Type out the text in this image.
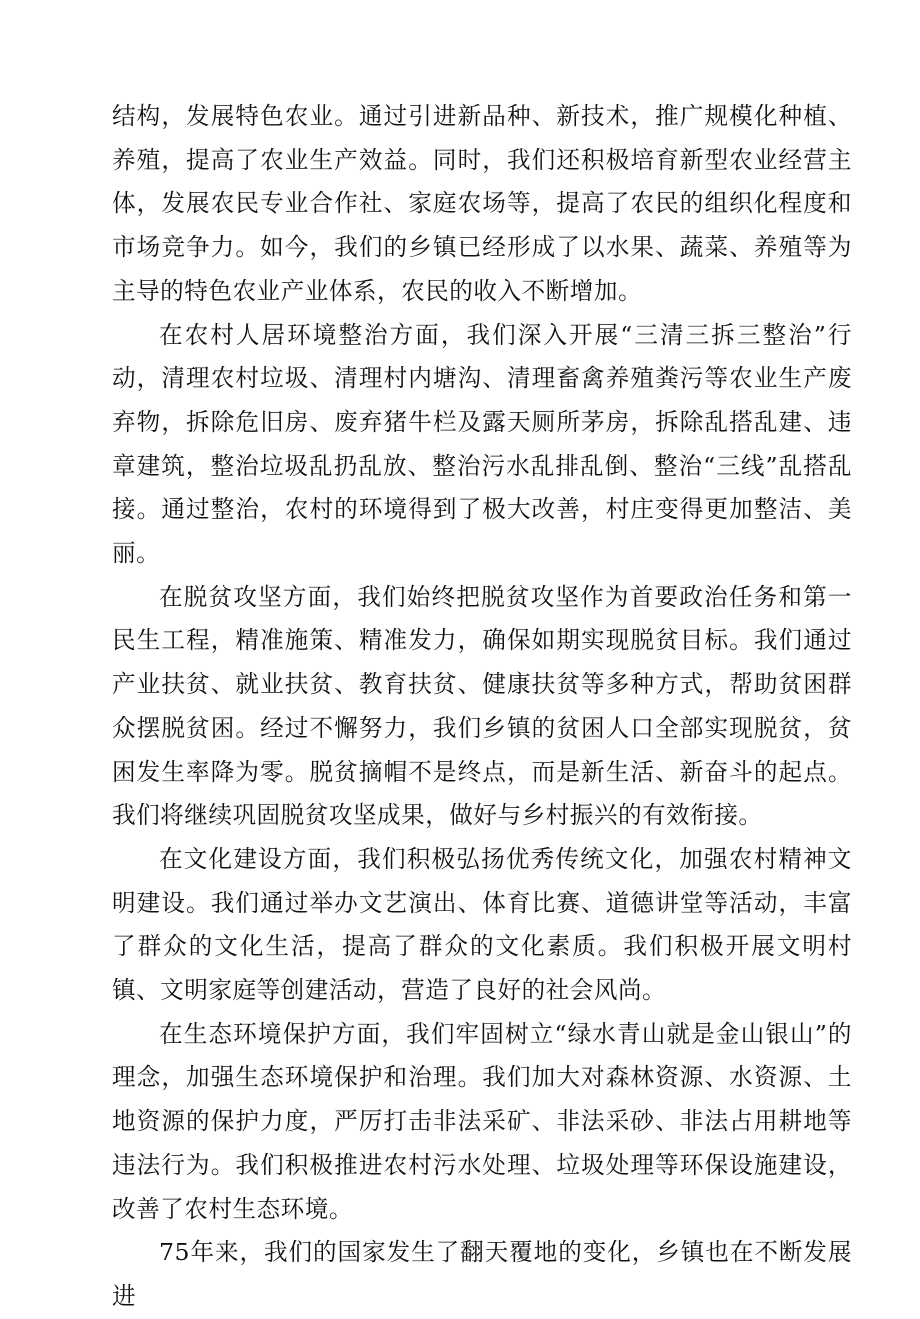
结构，发展特色农业。通过引进新品种、新技术，推广规模化种植、养殖，提高了农业生产效益。同时，我们还积极培育新型农业经营主体，发展农民专业合作社、家庭农场等，提高了农民的组织化程度和市场竞争力。如今，我们的乡镇已经形成了以水果、蔬菜、养殖等为主导的特色农业产业体系，农民的收入不断增加。

在农村人居环境整治方面，我们深入开展“三清三拆三整治”行动，清理农村垃圾、清理村内塘沟、清理畜禽养殖粪污等农业生产废弃物，拆除危旧房、废弃猪牛栏及露天厕所茅房，拆除乱搭乱建、违章建筑，整治垃圾乱扔乱放、整治污水乱排乱倒、整治“三线”乱搭乱接。通过整治，农村的环境得到了极大改善，村庄变得更加整洁、美丽。

在脱贫攻坚方面，我们始终把脱贫攻坚作为首要政治任务和第一民生工程，精准施策、精准发力，确保如期实现脱贫目标。我们通过产业扶贫、就业扶贫、教育扶贫、健康扶贫等多种方式，帮助贫困群众摆脱贫困。经过不懈努力，我们乡镇的贫困人口全部实现脱贫，贫困发生率降为零。脱贫摘帽不是终点，而是新生活、新奋斗的起点。我们将继续巩固脱贫攻坚成果，做好与乡村振兴的有效衔接。

在文化建设方面，我们积极弘扬优秀传统文化，加强农村精神文明建设。我们通过举办文艺演出、体育比赛、道德讲堂等活动，丰富了群众的文化生活，提高了群众的文化素质。我们积极开展文明村镇、文明家庭等创建活动，营造了良好的社会风尚。

在生态环境保护方面，我们牢固树立“绿水青山就是金山银山”的理念，加强生态环境保护和治理。我们加大对森林资源、水资源、土地资源的保护力度，严厉打击非法采矿、非法采砂、非法占用耕地等违法行为。我们积极推进农村污水处理、垃圾处理等环保设施建设，改善了农村生态环境。

75年来，我们的国家发生了翻天覆地的变化，乡镇也在不断发展进
